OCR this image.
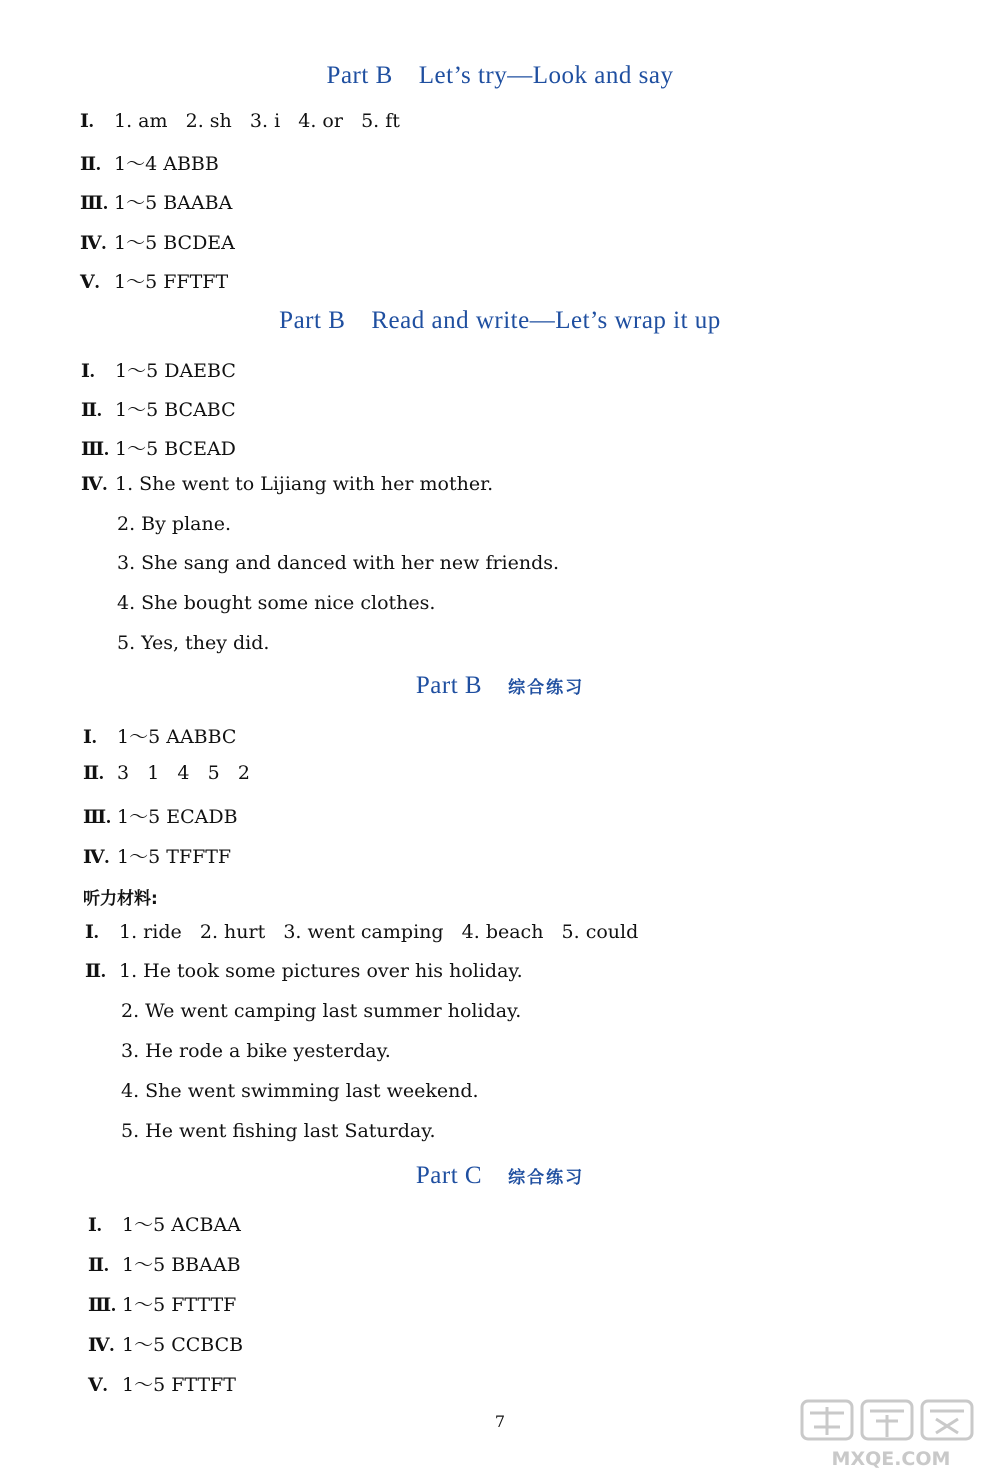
Part B Let’s try—Look and say
Ⅰ. 1. am   2. sh   3. i   4. or   5. ft
Ⅱ. 1～4 ABBB
Ⅲ. 1～5 BAABA
Ⅳ. 1～5 BCDEA
Ⅴ. 1～5 FFTFT
Part B Read and write—Let’s wrap it up
Ⅰ. 1～5 DAEBC
Ⅱ. 1～5 BCABC
Ⅲ. 1～5 BCEAD
Ⅳ. 1. She went to Lijiang with her mother.
2. By plane.
3. She sang and danced with her new friends.
4. She bought some nice clothes.
5. Yes, they did.
Part B 综合练习
Ⅰ. 1～5 AABBC
Ⅱ. 3   1   4   5   2
Ⅲ. 1～5 ECADB
Ⅳ. 1～5 TFFTF
听力材料:
Ⅰ. 1. ride   2. hurt   3. went camping   4. beach   5. could
Ⅱ. 1. He took some pictures over his holiday.
2. We went camping last summer holiday.
3. He rode a bike yesterday.
4. She went swimming last weekend.
5. He went fishing last Saturday.
Part C 综合练习
Ⅰ. 1～5 ACBAA
Ⅱ. 1～5 BBAAB
Ⅲ. 1～5 FTTTF
Ⅳ. 1～5 CCBCB
Ⅴ. 1～5 FTTFT
7
MXQE.COM
